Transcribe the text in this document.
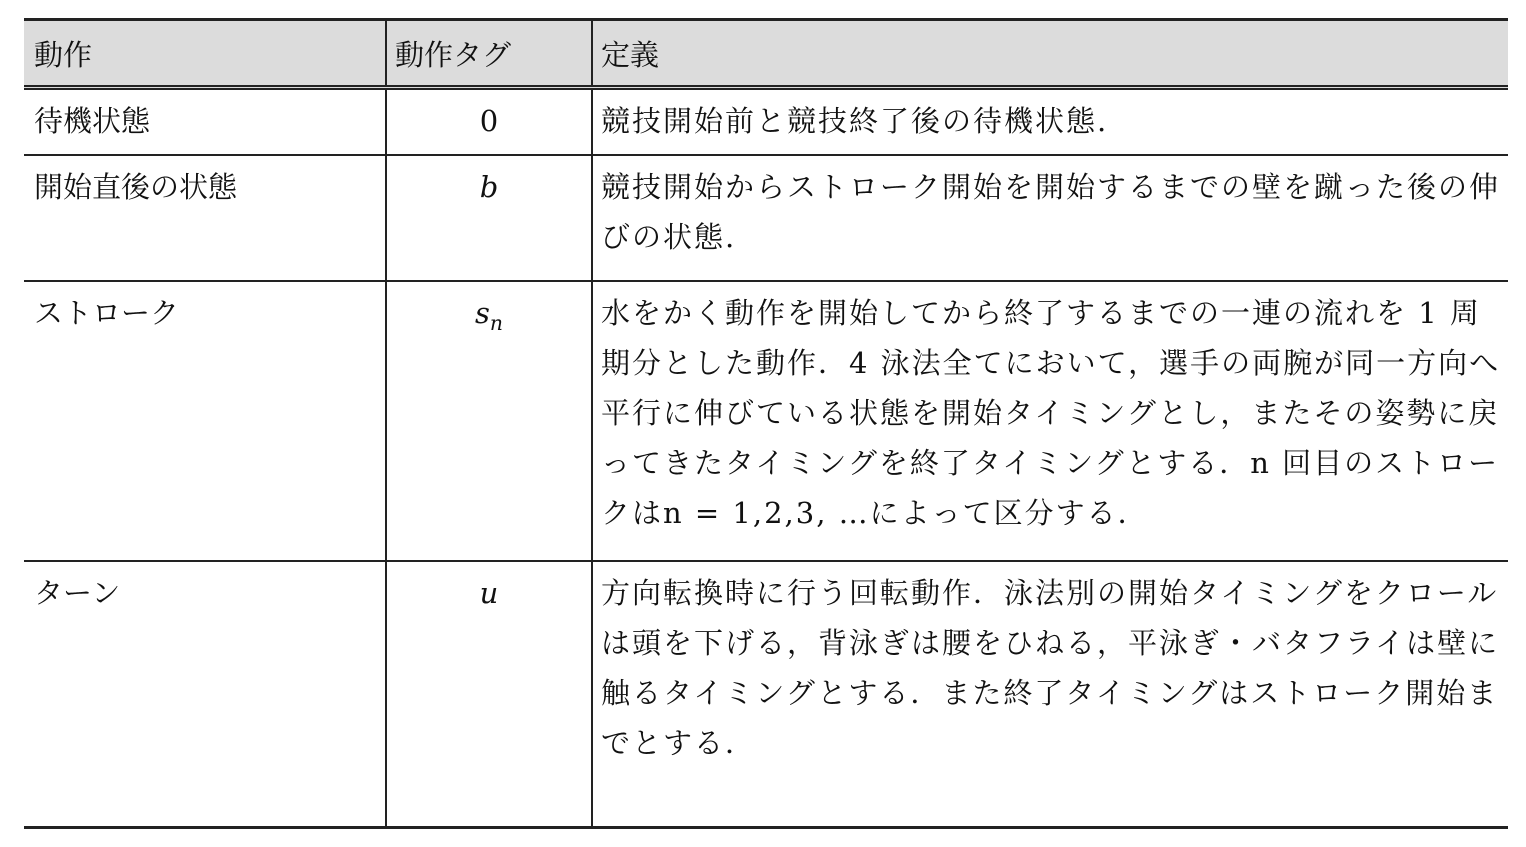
動作	動作タグ	定義
待機状態	0	競技開始前と競技終了後の待機状態.
開始直後の状態	b	競技開始からストローク開始を開始するまでの壁を蹴った後の伸びの状態.
ストローク	$s_n$	水をかく動作を開始してから終了するまでの一連の流れを 1 周期分とした動作．4 泳法全てにおいて，選手の両腕が同一方向へ平行に伸びている状態を開始タイミングとし，またその姿勢に戻ってきたタイミングを終了タイミングとする．n 回目のストロークはn = 1,2,3, …によって区分する．
ターン	u	方向転換時に行う回転動作．泳法別の開始タイミングをクロールは頭を下げる，背泳ぎは腰をひねる，平泳ぎ・バタフライは壁に触るタイミングとする．また終了タイミングはストローク開始までとする．
